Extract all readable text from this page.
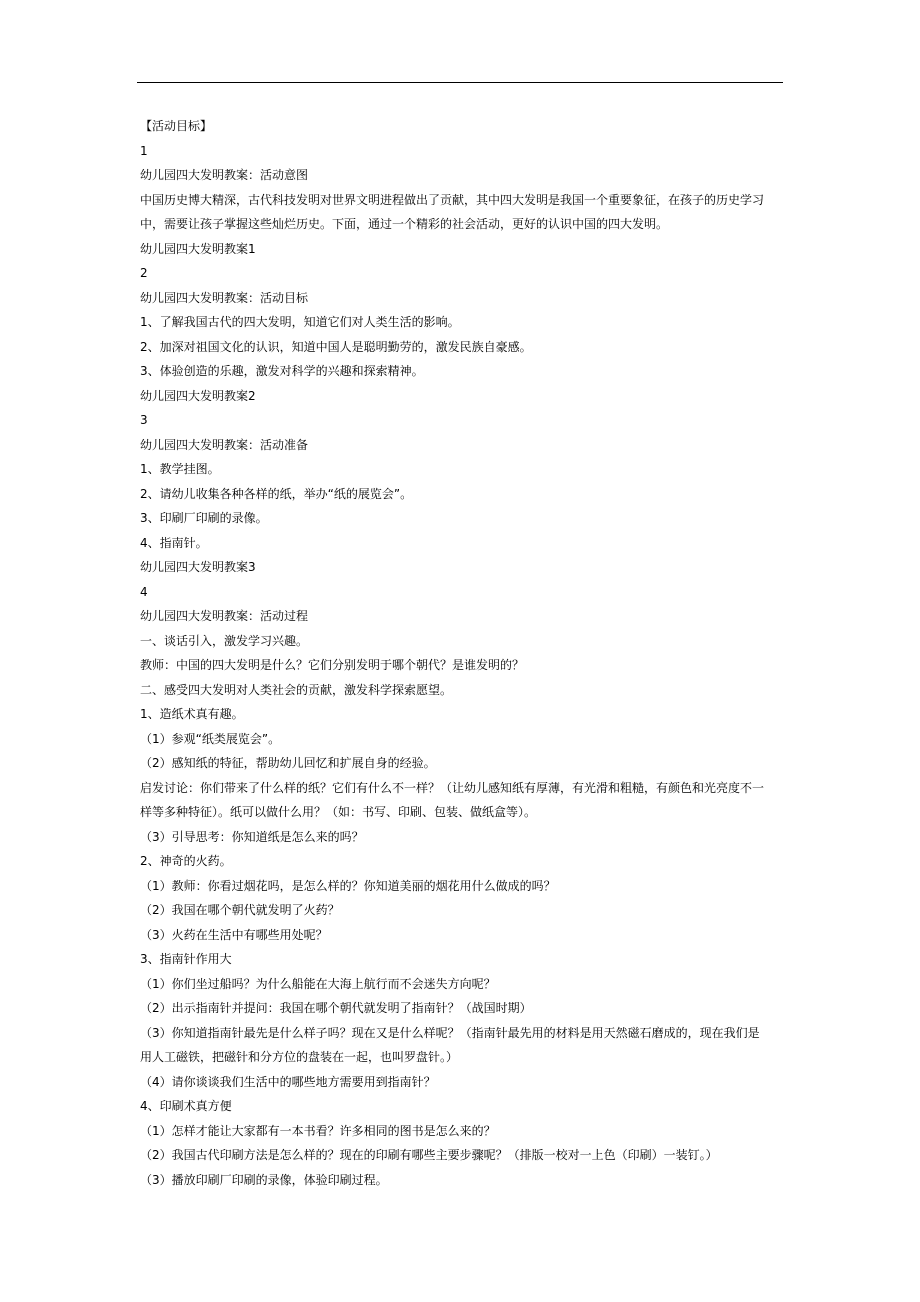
【活动目标】
1
幼儿园四大发明教案：活动意图
中国历史博大精深，古代科技发明对世界文明进程做出了贡献，其中四大发明是我国一个重要象征，在孩子的历史学习
中，需要让孩子掌握这些灿烂历史。下面，通过一个精彩的社会活动，更好的认识中国的四大发明。
幼儿园四大发明教案1
2
幼儿园四大发明教案：活动目标
1、了解我国古代的四大发明，知道它们对人类生活的影响。
2、加深对祖国文化的认识，知道中国人是聪明勤劳的，激发民族自豪感。
3、体验创造的乐趣，激发对科学的兴趣和探索精神。
幼儿园四大发明教案2
3
幼儿园四大发明教案：活动准备
1、教学挂图。
2、请幼儿收集各种各样的纸，举办“纸的展览会”。
3、印刷厂印刷的录像。
4、指南针。
幼儿园四大发明教案3
4
幼儿园四大发明教案：活动过程
一、谈话引入，激发学习兴趣。
教师：中国的四大发明是什么？它们分别发明于哪个朝代？是谁发明的？
二、感受四大发明对人类社会的贡献，激发科学探索愿望。
1、造纸术真有趣。
（1）参观“纸类展览会”。
（2）感知纸的特征，帮助幼儿回忆和扩展自身的经验。
启发讨论：你们带来了什么样的纸？它们有什么不一样？（让幼儿感知纸有厚薄，有光滑和粗糙，有颜色和光亮度不一
样等多种特征）。纸可以做什么用？（如：书写、印刷、包装、做纸盒等）。
（3）引导思考：你知道纸是怎么来的吗？
2、神奇的火药。
（1）教师：你看过烟花吗，是怎么样的？你知道美丽的烟花用什么做成的吗？
（2）我国在哪个朝代就发明了火药？
（3）火药在生活中有哪些用处呢？
3、指南针作用大
（1）你们坐过船吗？为什么船能在大海上航行而不会迷失方向呢？
（2）出示指南针并提问：我国在哪个朝代就发明了指南针？（战国时期）
（3）你知道指南针最先是什么样子吗？现在又是什么样呢？（指南针最先用的材料是用天然磁石磨成的，现在我们是
用人工磁铁，把磁针和分方位的盘装在一起，也叫罗盘针。）
（4）请你谈谈我们生活中的哪些地方需要用到指南针？
4、印刷术真方便
（1）怎样才能让大家都有一本书看？许多相同的图书是怎么来的？
（2）我国古代印刷方法是怎么样的？现在的印刷有哪些主要步骤呢？（排版一校对一上色（印刷）一装钉。）
（3）播放印刷厂印刷的录像，体验印刷过程。
